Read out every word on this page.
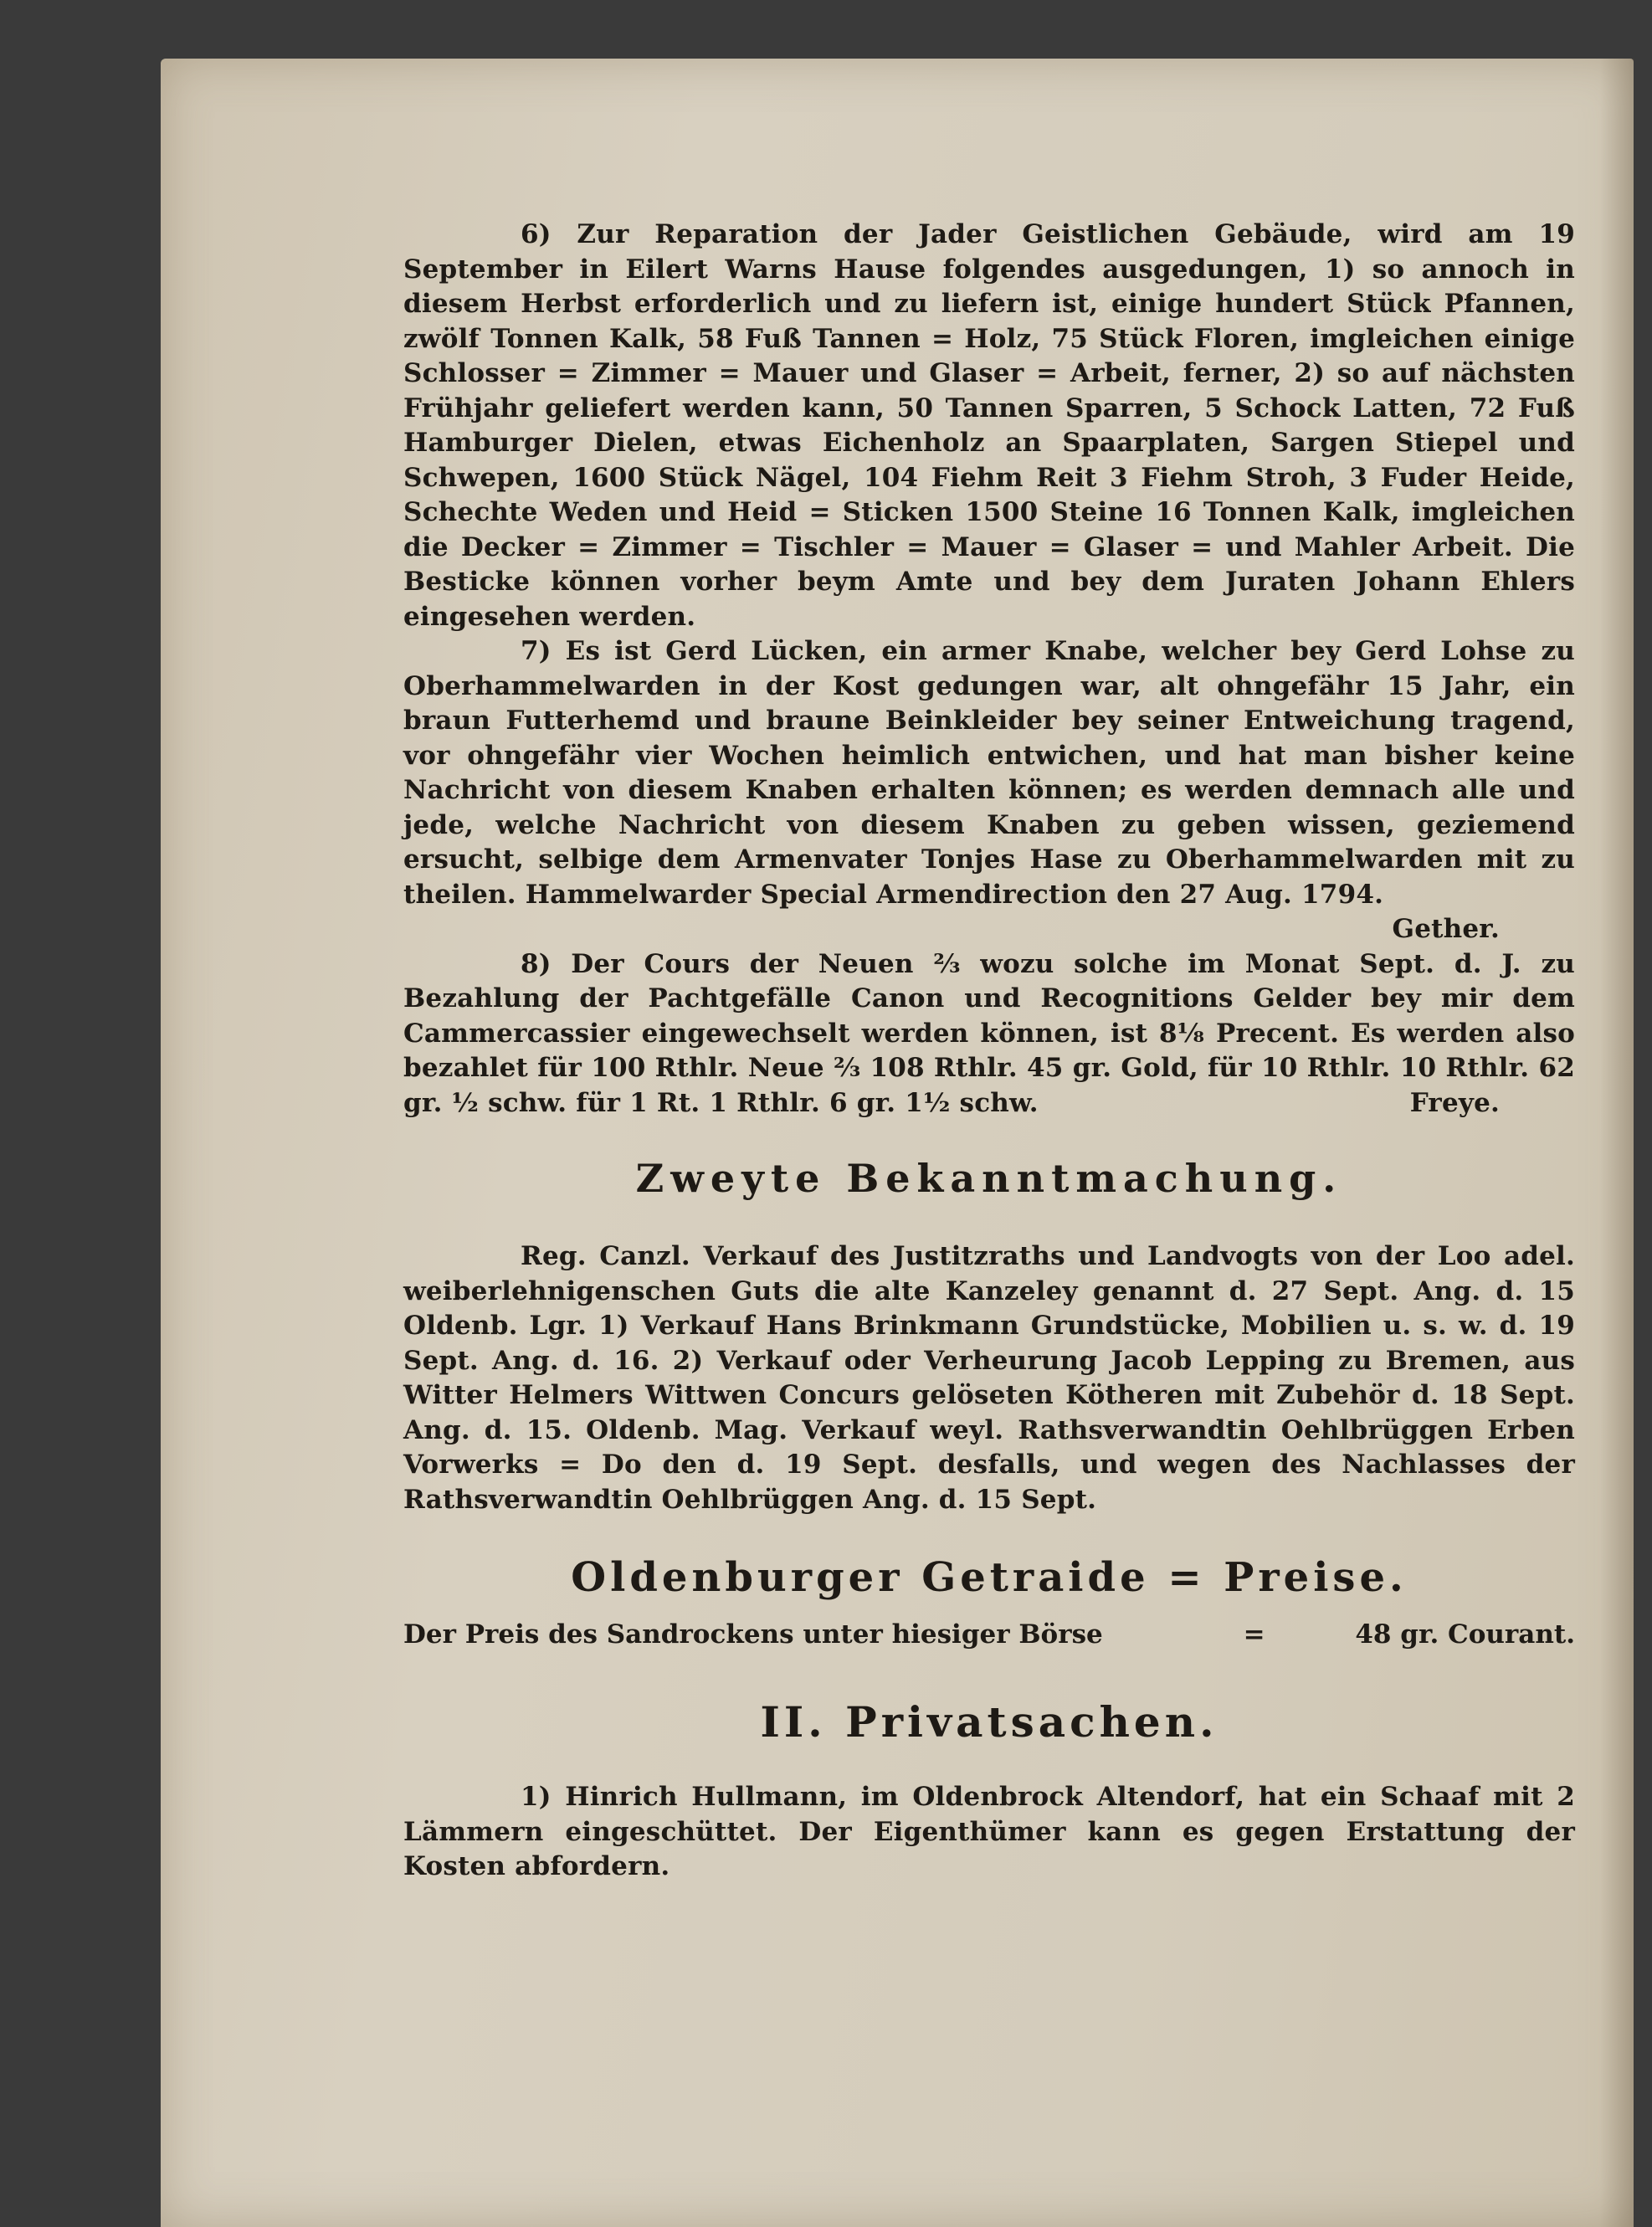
6) Zur Reparation der Jader Geistlichen Gebäude, wird am 19 September in Eilert Warns Hause folgendes ausgedungen, 1) so annoch in diesem Herbst erforderlich und zu liefern ist, einige hundert Stück Pfannen, zwölf Tonnen Kalk, 58 Fuß Tannen = Holz, 75 Stück Floren, imgleichen einige Schlosser = Zimmer = Mauer und Glaser = Arbeit, ferner, 2) so auf nächsten Frühjahr geliefert werden kann, 50 Tannen Sparren, 5 Schock Latten, 72 Fuß Hamburger Dielen, etwas Eichenholz an Spaarplaten, Sargen Stiepel und Schwepen, 1600 Stück Nägel, 104 Fiehm Reit 3 Fiehm Stroh, 3 Fuder Heide, Schechte Weden und Heid = Sticken 1500 Steine 16 Tonnen Kalk, imgleichen die Decker = Zimmer = Tischler = Mauer = Glaser = und Mahler Arbeit. Die Besticke können vorher beym Amte und bey dem Juraten Johann Ehlers eingesehen werden.

7) Es ist Gerd Lücken, ein armer Knabe, welcher bey Gerd Lohse zu Oberhammelwarden in der Kost gedungen war, alt ohngefähr 15 Jahr, ein braun Futterhemd und braune Beinkleider bey seiner Entweichung tragend, vor ohngefähr vier Wochen heimlich entwichen, und hat man bisher keine Nachricht von diesem Knaben erhalten können; es werden demnach alle und jede, welche Nachricht von diesem Knaben zu geben wissen, geziemend ersucht, selbige dem Armenvater Tonjes Hase zu Oberhammelwarden mit zu theilen. Hammelwarder Special Armendirection den 27 Aug. 1794.
Gether.

8) Der Cours der Neuen ⅔ wozu solche im Monat Sept. d. J. zu Bezahlung der Pachtgefälle Canon und Recognitions Gelder bey mir dem Cammercassier eingewechselt werden können, ist 8⅛ Precent. Es werden also bezahlet für 100 Rthlr. Neue ⅔ 108 Rthlr. 45 gr. Gold, für 10 Rthlr. 10 Rthlr. 62 gr. ½ schw. für 1 Rt. 1 Rthlr. 6 gr. 1½ schw.	Freye.

Zweyte Bekanntmachung.

Reg. Canzl. Verkauf des Justitzraths und Landvogts von der Loo adel. weiberlehnigenschen Guts die alte Kanzeley genannt d. 27 Sept. Ang. d. 15 Oldenb. Lgr. 1) Verkauf Hans Brinkmann Grundstücke, Mobilien u. s. w. d. 19 Sept. Ang. d. 16. 2) Verkauf oder Verheurung Jacob Lepping zu Bremen, aus Witter Helmers Wittwen Concurs gelöseten Kötheren mit Zubehör d. 18 Sept. Ang. d. 15. Oldenb. Mag. Verkauf weyl. Rathsverwandtin Oehlbrüggen Erben Vorwerks = Do den d. 19 Sept. desfalls, und wegen des Nachlasses der Rathsverwandtin Oehlbrüggen Ang. d. 15 Sept.

Oldenburger Getraide = Preise.
Der Preis des Sandrockens unter hiesiger Börse	=	48 gr. Courant.
II. Privatsachen.

1) Hinrich Hullmann, im Oldenbrock Altendorf, hat ein Schaaf mit 2 Lämmern eingeschüttet. Der Eigenthümer kann es gegen Erstattung der Kosten abfordern.
